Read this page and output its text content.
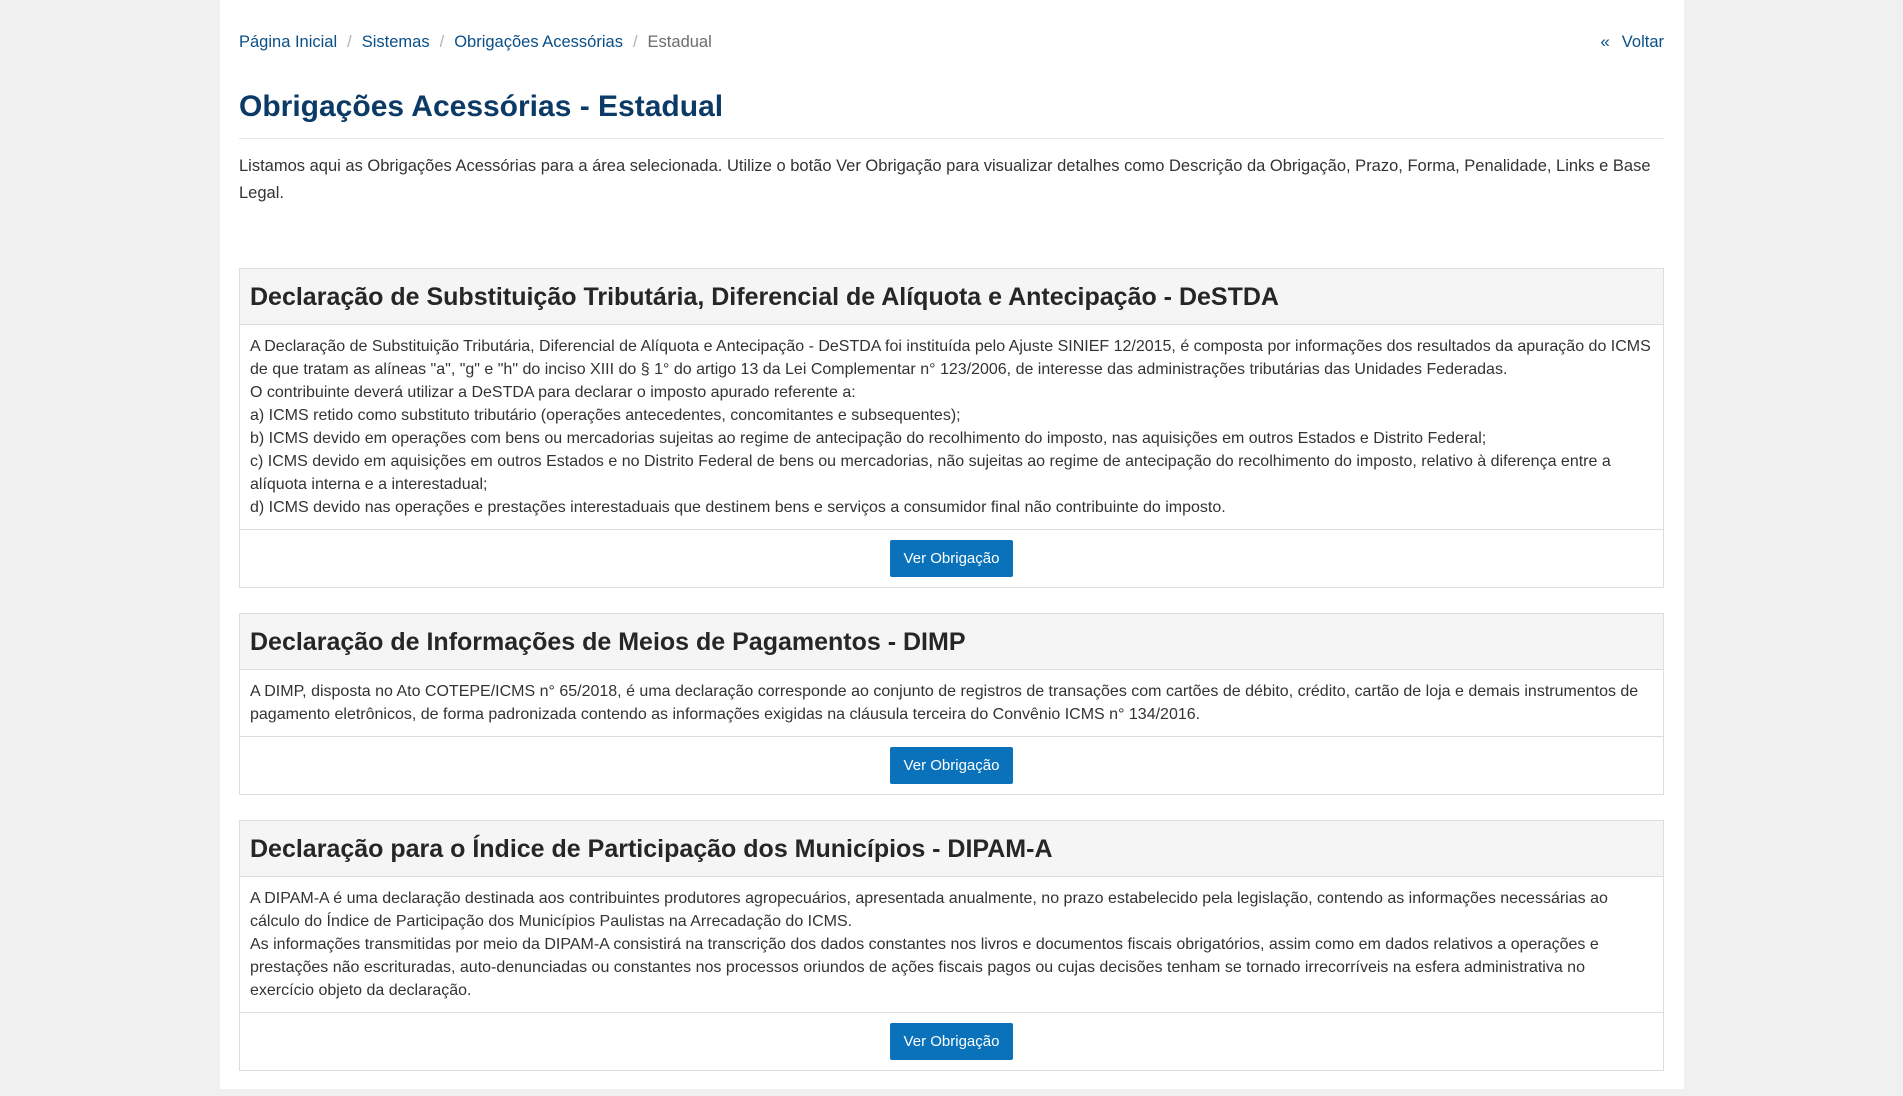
Página Inicial / Sistemas / Obrigações Acessórias / Estadual	« Voltar
Obrigações Acessórias - Estadual

Listamos aqui as Obrigações Acessórias para a área selecionada. Utilize o botão Ver Obrigação para visualizar detalhes como Descrição da Obrigação, Prazo, Forma, Penalidade, Links e Base Legal.

Declaração de Substituição Tributária, Diferencial de Alíquota e Antecipação - DeSTDA

A Declaração de Substituição Tributária, Diferencial de Alíquota e Antecipação - DeSTDA foi instituída pelo Ajuste SINIEF 12/2015, é composta por informações dos resultados da apuração do ICMS de que tratam as alíneas "a", "g" e "h" do inciso XIII do § 1° do artigo 13 da Lei Complementar n° 123/2006, de interesse das administrações tributárias das Unidades Federadas.

O contribuinte deverá utilizar a DeSTDA para declarar o imposto apurado referente a:

a) ICMS retido como substituto tributário (operações antecedentes, concomitantes e subsequentes);

b) ICMS devido em operações com bens ou mercadorias sujeitas ao regime de antecipação do recolhimento do imposto, nas aquisições em outros Estados e Distrito Federal;

c) ICMS devido em aquisições em outros Estados e no Distrito Federal de bens ou mercadorias, não sujeitas ao regime de antecipação do recolhimento do imposto, relativo à diferença entre a alíquota interna e a interestadual;

d) ICMS devido nas operações e prestações interestaduais que destinem bens e serviços a consumidor final não contribuinte do imposto.

Ver Obrigação
Declaração de Informações de Meios de Pagamentos - DIMP

A DIMP, disposta no Ato COTEPE/ICMS n° 65/2018, é uma declaração corresponde ao conjunto de registros de transações com cartões de débito, crédito, cartão de loja e demais instrumentos de pagamento eletrônicos, de forma padronizada contendo as informações exigidas na cláusula terceira do Convênio ICMS n° 134/2016.

Ver Obrigação
Declaração para o Índice de Participação dos Municípios - DIPAM-A

A DIPAM-A é uma declaração destinada aos contribuintes produtores agropecuários, apresentada anualmente, no prazo estabelecido pela legislação, contendo as informações necessárias ao cálculo do Índice de Participação dos Municípios Paulistas na Arrecadação do ICMS.

As informações transmitidas por meio da DIPAM-A consistirá na transcrição dos dados constantes nos livros e documentos fiscais obrigatórios, assim como em dados relativos a operações e prestações não escrituradas, auto-denunciadas ou constantes nos processos oriundos de ações fiscais pagos ou cujas decisões tenham se tornado irrecorríveis na esfera administrativa no exercício objeto da declaração.

Ver Obrigação
